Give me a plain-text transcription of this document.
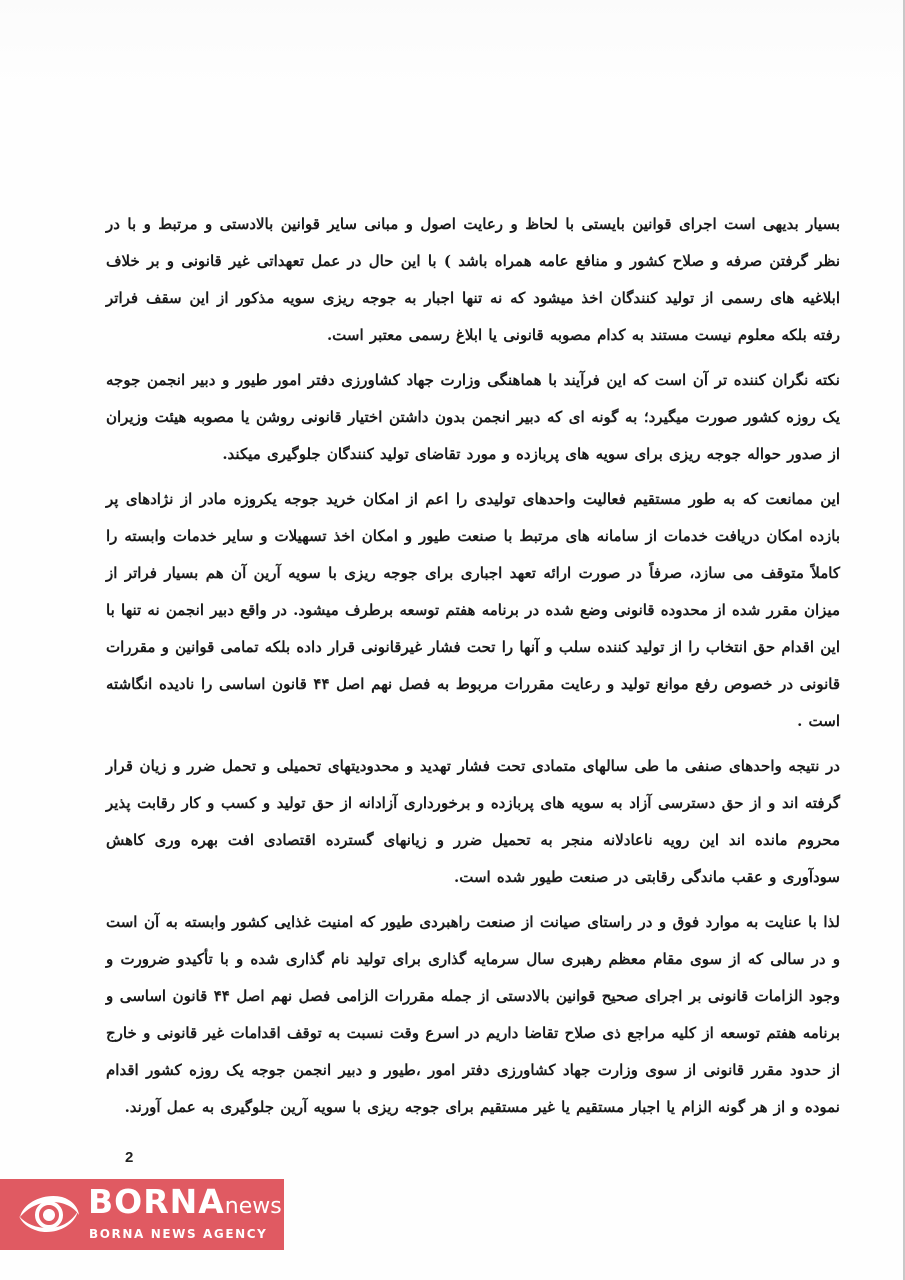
بسیار بدیهی است اجرای قوانین بایستی با لحاظ و رعایت اصول و مبانی سایر قوانین بالادستی و مرتبط و با در نظر گرفتن صرفه و صلاح کشور و منافع عامه همراه باشد ) با این حال در عمل تعهداتی غیر قانونی و بر خلاف ابلاغیه های رسمی از تولید کنندگان اخذ میشود که نه تنها اجبار به جوجه ریزی سویه مذکور از این سقف فراتر رفته بلکه معلوم نیست مستند به کدام مصوبه قانونی یا ابلاغ رسمی معتبر است.

نکته نگران کننده تر آن است که این فرآیند با هماهنگی وزارت جهاد کشاورزی دفتر امور طیور و دبیر انجمن جوجه یک روزه کشور صورت میگیرد؛ به گونه ای که دبیر انجمن بدون داشتن اختیار قانونی روشن یا مصوبه هیئت وزیران از صدور حواله جوجه ریزی برای سویه های پربازده و مورد تقاضای تولید کنندگان جلوگیری میکند.

این ممانعت که به طور مستقیم فعالیت واحدهای تولیدی را اعم از امکان خرید جوجه یکروزه مادر از نژادهای پر بازده امکان دریافت خدمات از سامانه های مرتبط با صنعت طیور و امکان اخذ تسهیلات و سایر خدمات وابسته را کاملاً متوقف می سازد، صرفاً در صورت ارائه تعهد اجباری برای جوجه ریزی با سویه آرین آن هم بسیار فراتر از میزان مقرر شده از محدوده قانونی وضع شده در برنامه هفتم توسعه برطرف میشود. در واقع دبیر انجمن نه تنها با این اقدام حق انتخاب را از تولید کننده سلب و آنها را تحت فشار غیرقانونی قرار داده بلکه تمامی قوانین و مقررات قانونی در خصوص رفع موانع تولید و رعایت مقررات مربوط به فصل نهم اصل ۴۴ قانون اساسی را نادیده انگاشته است .

در نتیجه واحدهای صنفی ما طی سالهای متمادی تحت فشار تهدید و محدودیتهای تحمیلی و تحمل ضرر و زیان قرار گرفته اند و از حق دسترسی آزاد به سویه های پربازده و برخورداری آزادانه از حق تولید و کسب و کار رقابت پذیر محروم مانده اند این رویه ناعادلانه منجر به تحمیل ضرر و زیانهای گسترده اقتصادی افت بهره وری کاهش سودآوری و عقب ماندگی رقابتی در صنعت طیور شده است.

لذا با عنایت به موارد فوق و در راستای صیانت از صنعت راهبردی طیور که امنیت غذایی کشور وابسته به آن است و در سالی که از سوی مقام معظم رهبری سال سرمایه گذاری برای تولید نام گذاری شده و با تأکیدو ضرورت و وجود الزامات قانونی بر اجرای صحیح قوانین بالادستی از جمله مقررات الزامی فصل نهم اصل ۴۴ قانون اساسی و برنامه هفتم توسعه از کلیه مراجع ذی صلاح تقاضا داریم در اسرع وقت نسبت به توقف اقدامات غیر قانونی و خارج از حدود مقرر قانونی از سوی وزارت جهاد کشاورزی دفتر امور ،طیور و دبیر انجمن جوجه یک روزه کشور اقدام نموده و از هر گونه الزام یا اجبار مستقیم یا غیر مستقیم برای جوجه ریزی با سویه آرین جلوگیری به عمل آورند.

2
BORNAnews
BORNA NEWS AGENCY
